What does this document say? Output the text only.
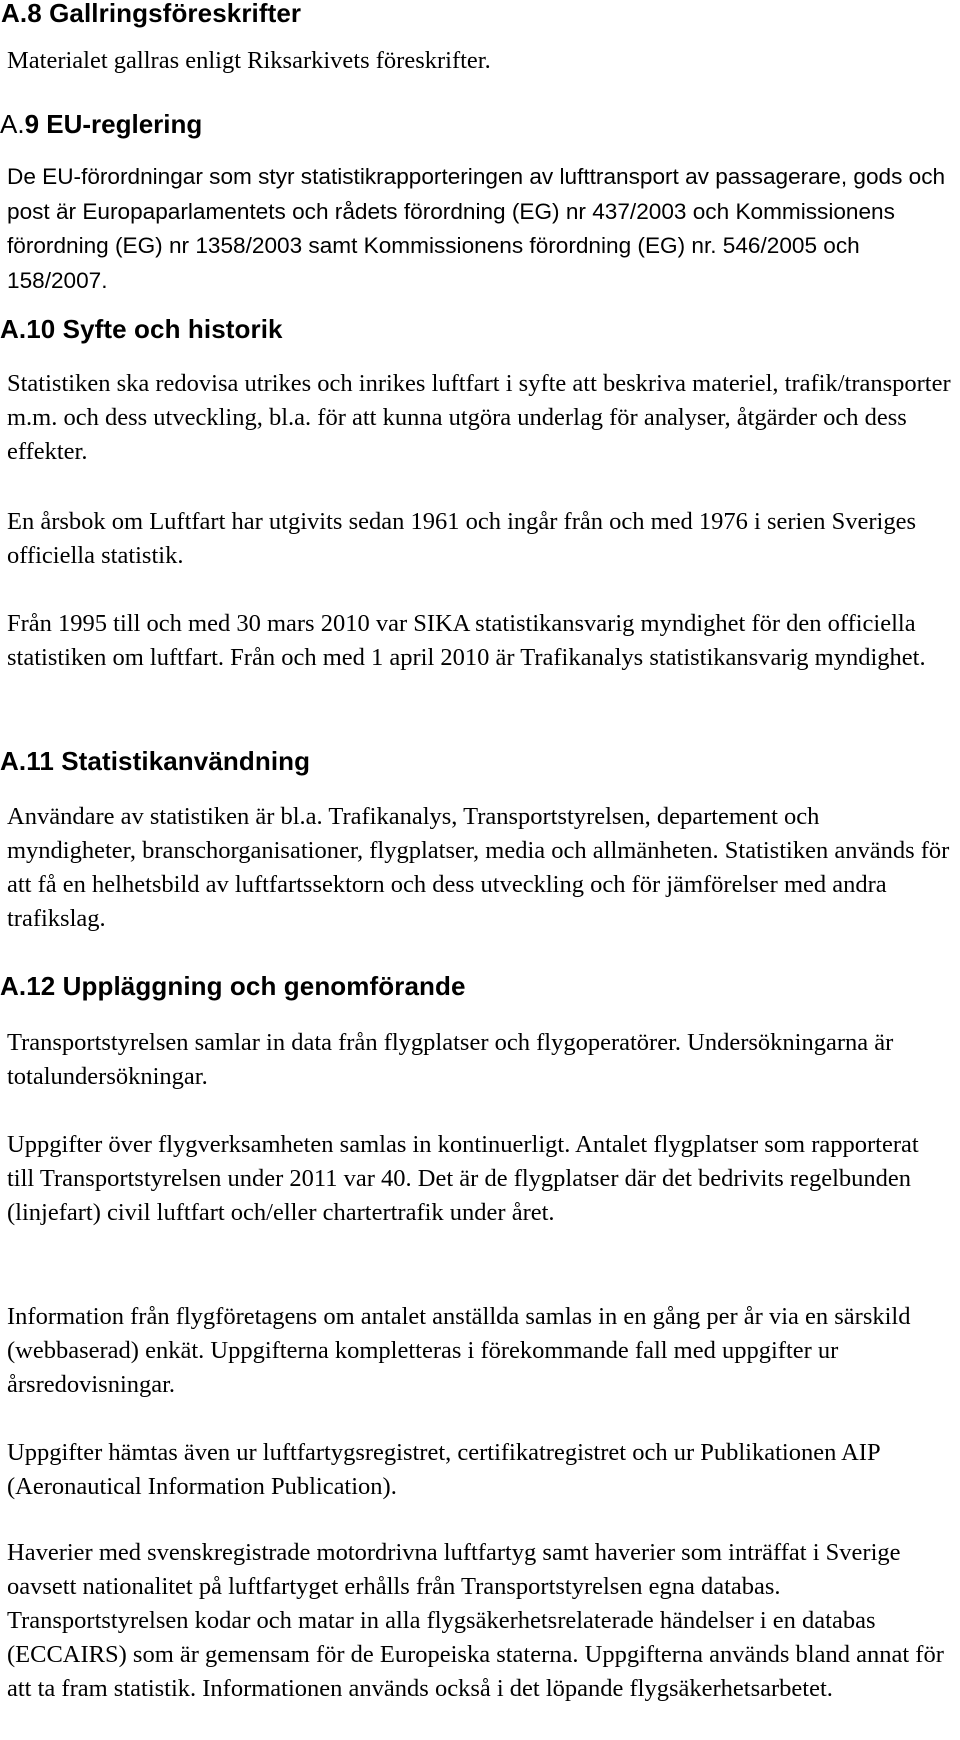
A.8 Gallringsföreskrifter

Materialet gallras enligt Riksarkivets föreskrifter.

A.9 EU-reglering

De EU-förordningar som styr statistikrapporteringen av lufttransport av passagerare, gods och post är Europaparlamentets och rådets förordning (EG) nr 437/2003 och Kommissionens förordning (EG) nr 1358/2003 samt Kommissionens förordning (EG) nr. 546/2005 och 158/2007.

A.10 Syfte och historik

Statistiken ska redovisa utrikes och inrikes luftfart i syfte att beskriva materiel, trafik/transporter m.m. och dess utveckling, bl.a. för att kunna utgöra underlag för analyser, åtgärder och dess effekter.

En årsbok om Luftfart har utgivits sedan 1961 och ingår från och med 1976 i serien Sveriges officiella statistik.

Från 1995 till och med 30 mars 2010 var SIKA statistikansvarig myndighet för den officiella statistiken om luftfart. Från och med 1 april 2010 är Trafikanalys statistikansvarig myndighet.

A.11 Statistikanvändning

Användare av statistiken är bl.a. Trafikanalys, Transportstyrelsen, departement och myndigheter, branschorganisationer, flygplatser, media och allmänheten. Statistiken används för att få en helhetsbild av luftfartssektorn och dess utveckling och för jämförelser med andra trafikslag.

A.12 Uppläggning och genomförande

Transportstyrelsen samlar in data från flygplatser och flygoperatörer. Undersökningarna är totalundersökningar.

Uppgifter över flygverksamheten samlas in kontinuerligt. Antalet flygplatser som rapporterat till Transportstyrelsen under 2011 var 40. Det är de flygplatser där det bedrivits regelbunden (linjefart) civil luftfart och/eller chartertrafik under året.

Information från flygföretagens om antalet anställda samlas in en gång per år via en särskild (webbaserad) enkät. Uppgifterna kompletteras i förekommande fall med uppgifter ur årsredovisningar.

Uppgifter hämtas även ur luftfartygsregistret, certifikatregistret och ur Publikationen AIP (Aeronautical Information Publication).

Haverier med svenskregistrade motordrivna luftfartyg samt haverier som inträffat i Sverige oavsett nationalitet på luftfartyget erhålls från Transportstyrelsen egna databas. Transportstyrelsen kodar och matar in alla flygsäkerhetsrelaterade händelser i en databas (ECCAIRS) som är gemensam för de Europeiska staterna. Uppgifterna används bland annat för att ta fram statistik. Informationen används också i det löpande flygsäkerhetsarbetet.
